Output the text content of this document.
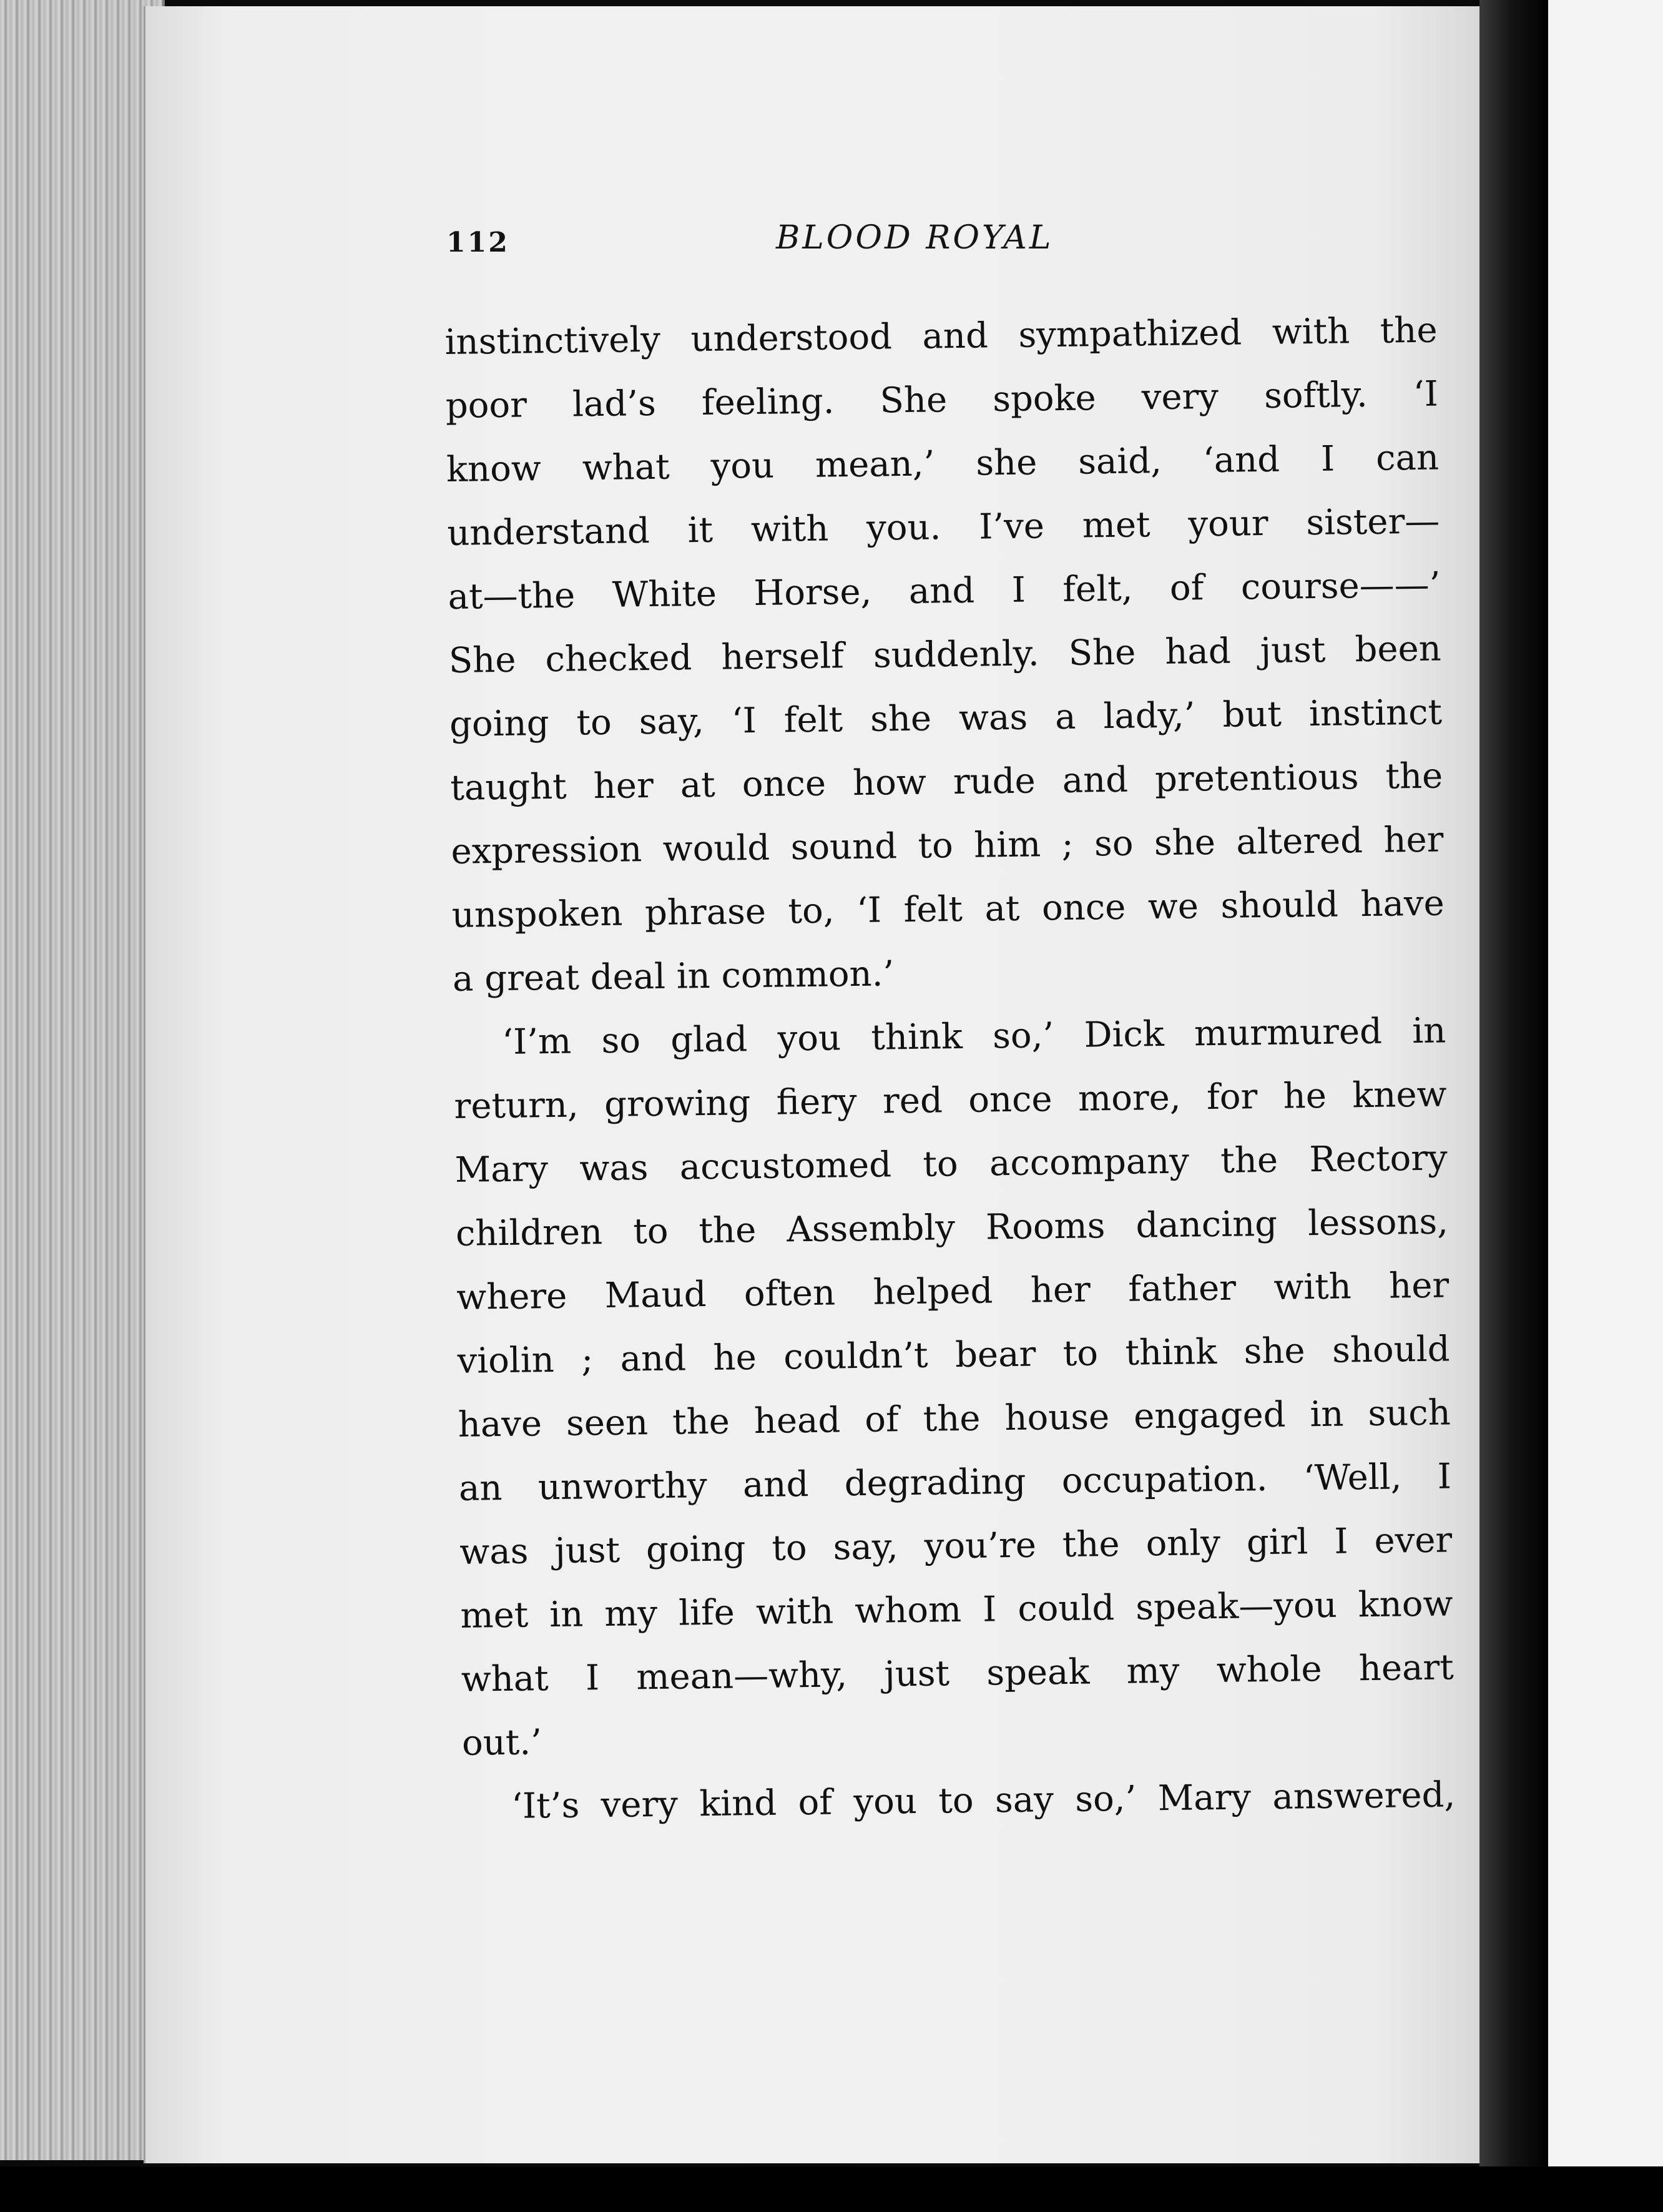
112	BLOOD ROYAL
instinctively understood and sympathized with the
poor lad’s feeling. She spoke very softly. ‘I
know what you mean,’ she said, ‘and I can
understand it with you. I’ve met your sister—
at—the White Horse, and I felt, of course——’
She checked herself suddenly. She had just been
going to say, ‘I felt she was a lady,’ but instinct
taught her at once how rude and pretentious the
expression would sound to him ; so she altered her
unspoken phrase to, ‘I felt at once we should have
a great deal in common.’
‘I’m so glad you think so,’ Dick murmured in
return, growing fiery red once more, for he knew
Mary was accustomed to accompany the Rectory
children to the Assembly Rooms dancing lessons,
where Maud often helped her father with her
violin ; and he couldn’t bear to think she should
have seen the head of the house engaged in such
an unworthy and degrading occupation. ‘Well, I
was just going to say, you’re the only girl I ever
met in my life with whom I could speak—you know
what I mean—why, just speak my whole heart
out.’
‘It’s very kind of you to say so,’ Mary answered,
